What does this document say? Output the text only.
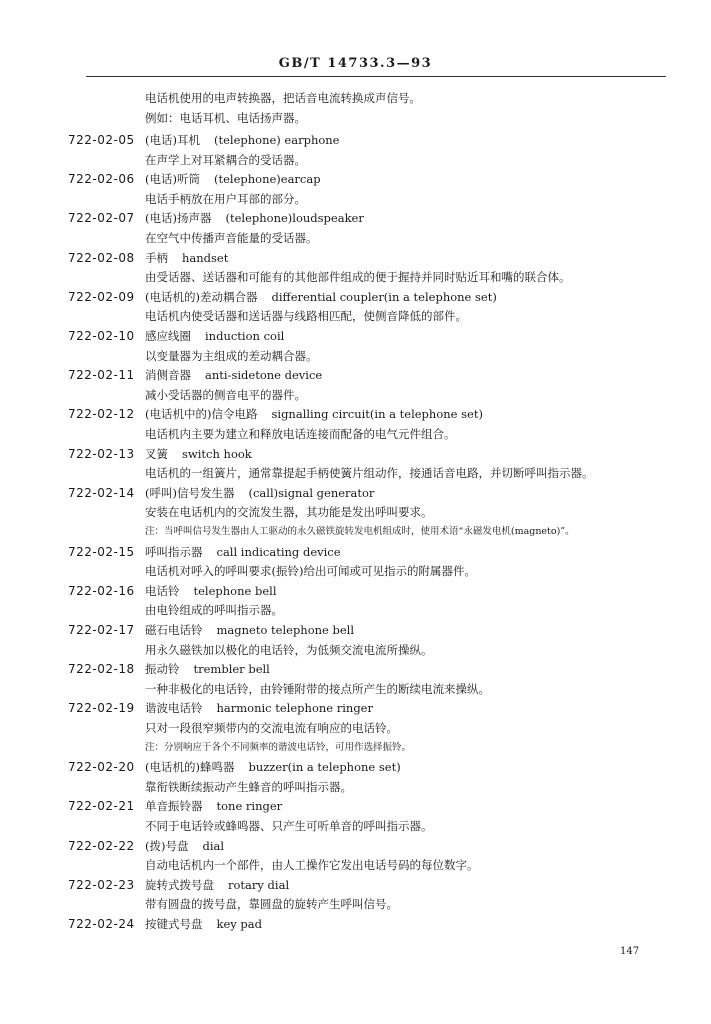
GB/T 14733.3—93
电话机使用的电声转换器，把话音电流转换成声信号。
例如：电话耳机、电话扬声器。
722-02-05 (电话)耳机 (telephone) earphone
在声学上对耳紧耦合的受话器。
722-02-06 (电话)听筒 (telephone)earcap
电话手柄放在用户耳部的部分。
722-02-07 (电话)扬声器 (telephone)loudspeaker
在空气中传播声音能量的受话器。
722-02-08 手柄 handset
由受话器、送话器和可能有的其他部件组成的便于握持并同时贴近耳和嘴的联合体。
722-02-09 (电话机的)差动耦合器 differential coupler(in a telephone set)
电话机内使受话器和送话器与线路相匹配，使侧音降低的部件。
722-02-10 感应线圈 induction coil
以变量器为主组成的差动耦合器。
722-02-11 消侧音器 anti-sidetone device
减小受话器的侧音电平的器件。
722-02-12 (电话机中的)信令电路 signalling circuit(in a telephone set)
电话机内主要为建立和释放电话连接而配备的电气元件组合。
722-02-13 叉簧 switch hook
电话机的一组簧片，通常靠提起手柄使簧片组动作，接通话音电路，并切断呼叫指示器。
722-02-14 (呼叫)信号发生器 (call)signal generator
安装在电话机内的交流发生器，其功能是发出呼叫要求。
注：当呼叫信号发生器由人工驱动的永久磁铁旋转发电机组成时，使用术语“永磁发电机(magneto)”。
722-02-15 呼叫指示器 call indicating device
电话机对呼入的呼叫要求(振铃)给出可闻或可见指示的附属器件。
722-02-16 电话铃 telephone bell
由电铃组成的呼叫指示器。
722-02-17 磁石电话铃 magneto telephone bell
用永久磁铁加以极化的电话铃，为低频交流电流所操纵。
722-02-18 振动铃 trembler bell
一种非极化的电话铃，由铃锤附带的接点所产生的断续电流来操纵。
722-02-19 谐波电话铃 harmonic telephone ringer
只对一段很窄频带内的交流电流有响应的电话铃。
注：分别响应于各个不同频率的谐波电话铃，可用作选择振铃。
722-02-20 (电话机的)蜂鸣器 buzzer(in a telephone set)
靠衔铁断续振动产生蜂音的呼叫指示器。
722-02-21 单音振铃器 tone ringer
不同于电话铃或蜂鸣器、只产生可听单音的呼叫指示器。
722-02-22 (拨)号盘 dial
自动电话机内一个部件，由人工操作它发出电话号码的每位数字。
722-02-23 旋转式拨号盘 rotary dial
带有圆盘的拨号盘，靠圆盘的旋转产生呼叫信号。
722-02-24 按键式号盘 key pad
147
